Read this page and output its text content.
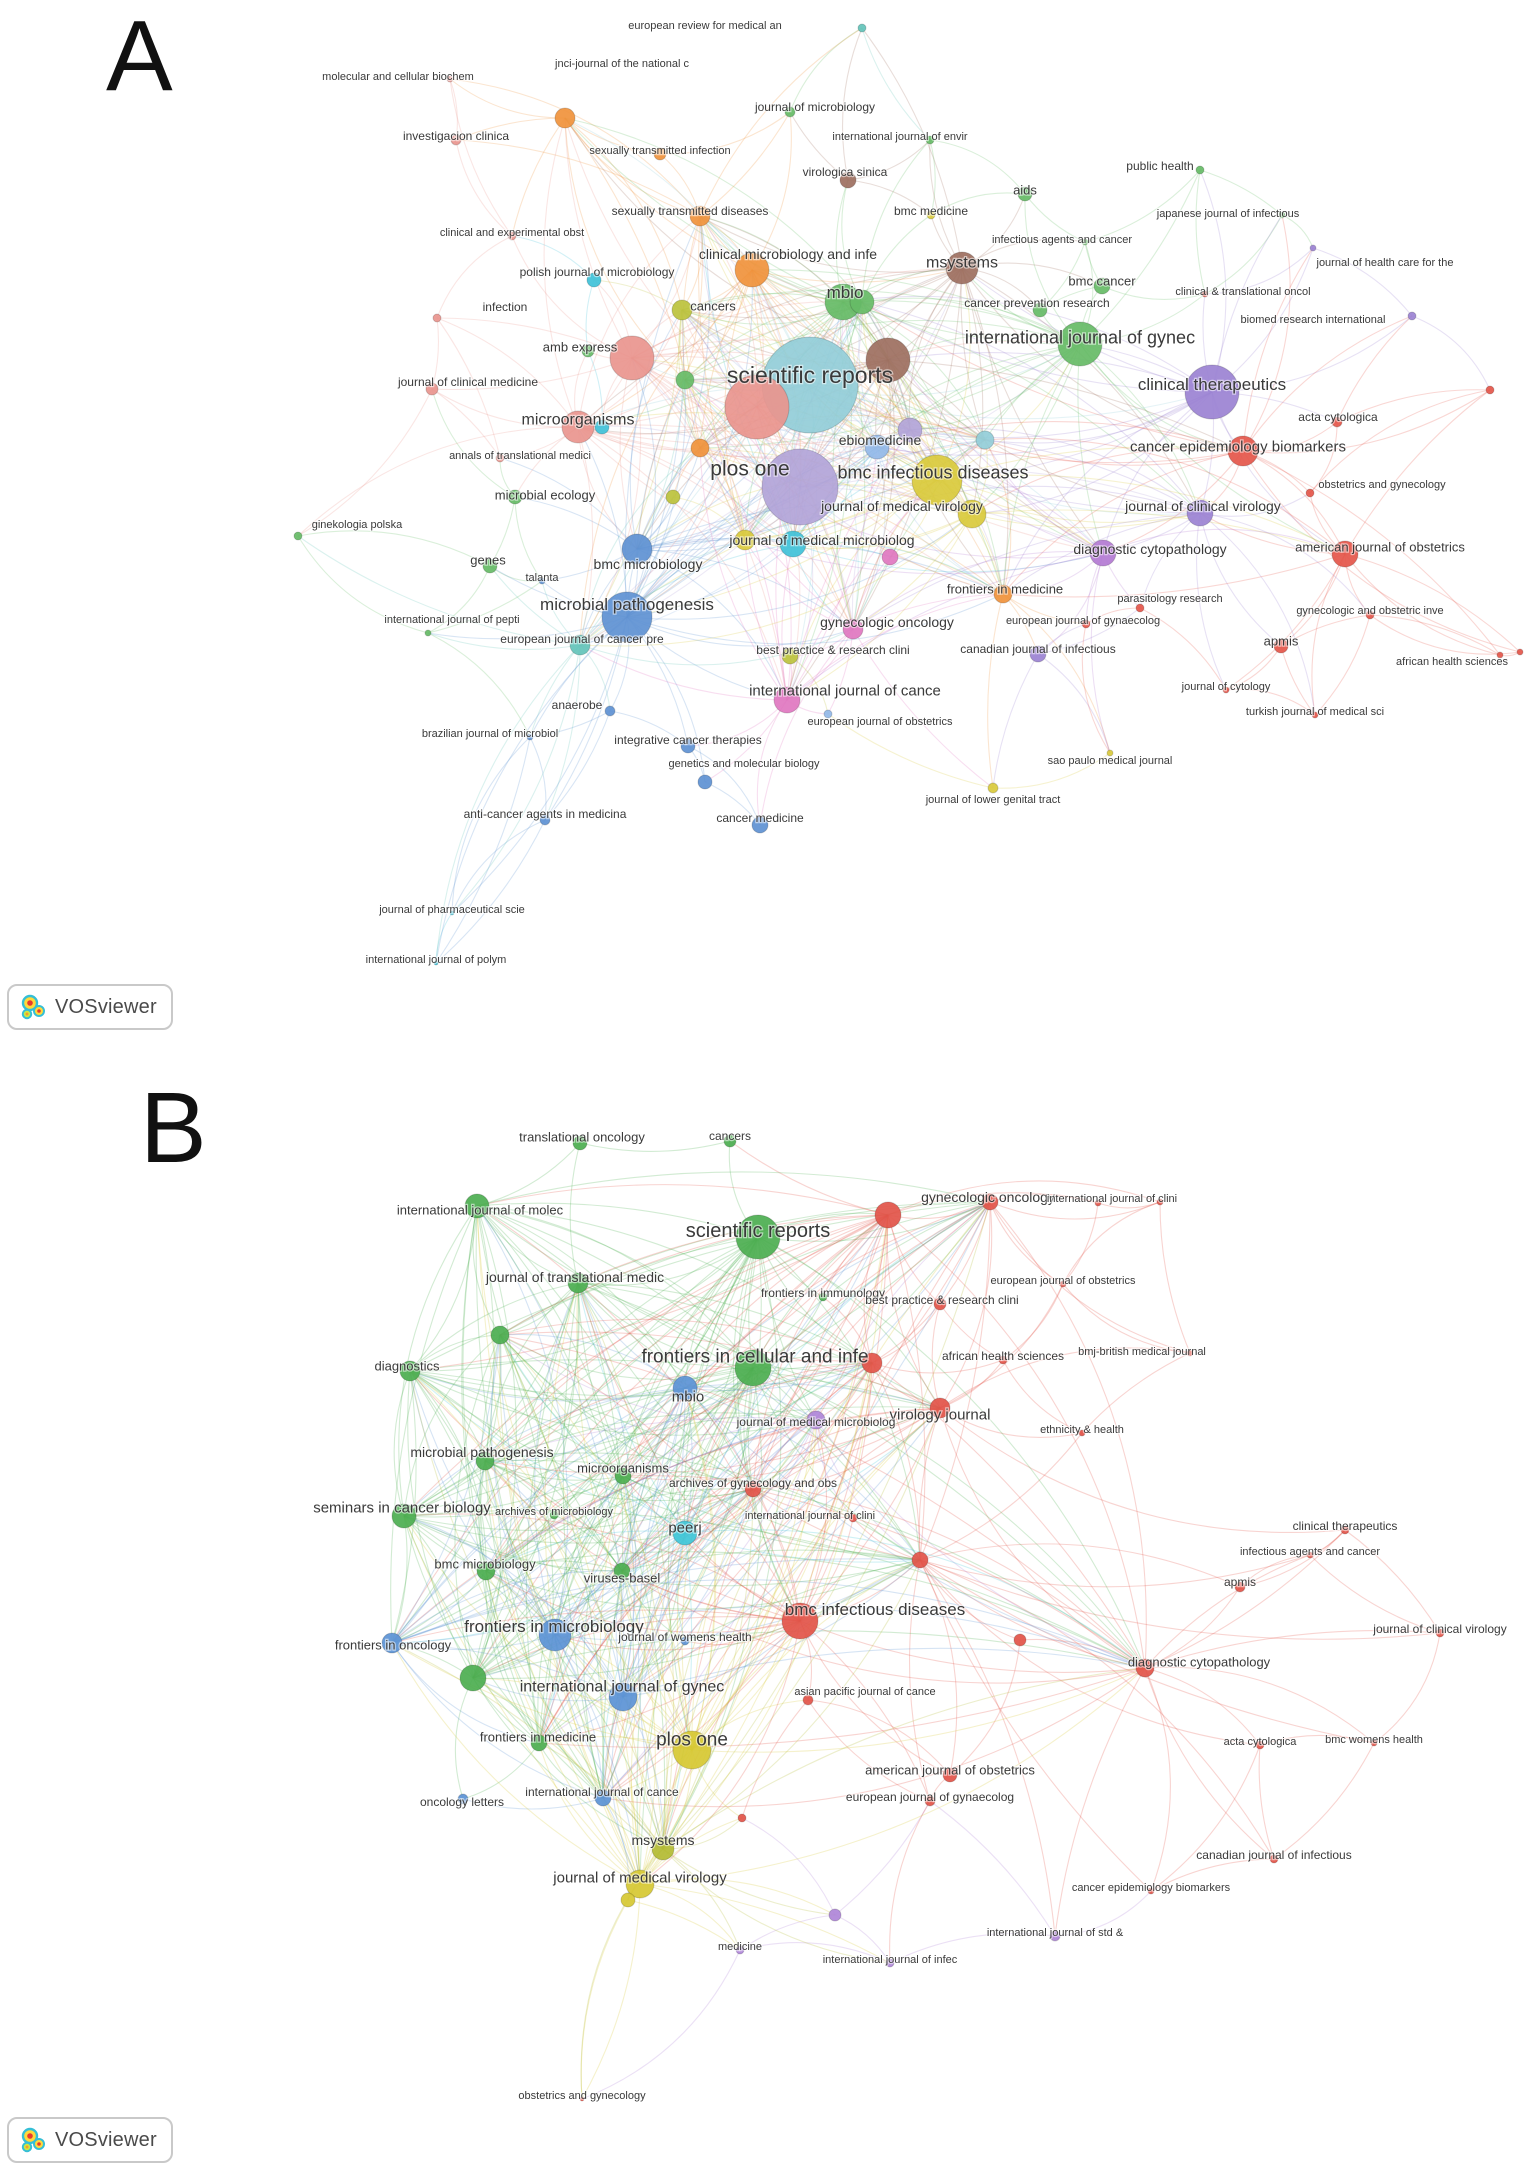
european review for medical an
jnci-journal of the national c
molecular and cellular biochem
journal of microbiology
investigacion clinica
sexually transmitted infection
international journal of envir
virologica sinica
aids
public health
bmc medicine	japanese journal of infectious
sexually transmitted diseases
infectious agents and cancer
clinical and experimental obst
clinical microbiology and infe
msystems
bmc cancer
journal of health care for the
polish journal of microbiology
mbio	clinical & translational oncol
cancers	cancer prevention research
biomed research international
infection
international journal of gynec
amb express
scientific reports	clinical therapeutics
journal of clinical medicine
acta cytologica
microorganisms
cancer epidemiology biomarkers
ebiomedicine
annals of translational medici
plos one	bmc infectious diseases
obstetrics and gynecology
microbial ecology
journal of medical virology	journal of clinical virology
ginekologia polska
journal of medical microbiolog
diagnostic cytopathology	american journal of obstetrics
genes	bmc microbiology
talanta
microbial pathogenesis
frontiers in medicine
parasitology research
international journal of pepti
gynecologic and obstetric inve
european journal of cancer pre
gynecologic oncology	european journal of gynaecolog
apmis
african health sciences
best practice & research clini	canadian journal of infectious
journal of cytology
international journal of cance
turkish journal of medical sci
anaerobe
european journal of obstetrics
brazilian journal of microbiol	integrative cancer therapies
sao paulo medical journal
genetics and molecular biology
journal of lower genital tract
anti-cancer agents in medicina	cancer medicine
journal of pharmaceutical scie
international journal of polym
translational oncology	cancers
international journal of molec
scientific reports
gynecologic oncology
international journal of clini
journal of translational medic
frontiers in immunology
best practice & research clini
european journal of obstetrics
bmj-british medical journal
diagnostics	frontiers in cellular and infe	african health sciences
virology journal
ethnicity & health
mbio
journal of medical microbiolog
microbial pathogenesis
microorganisms
archives of gynecology and obs
international journal of clini
seminars in cancer biology archives of microbiology
peerj	clinical therapeutics
infectious agents and cancer
apmis
bmc microbiology
viruses-basel
journal of clinical virology
bmc infectious diseases
frontiers in microbiology
journal of womens health
frontiers in oncology
diagnostic cytopathology
international journal of gynec	asian pacific journal of cance
acta cytologica	bmc womens health
frontiers in medicine	plos one
american journal of obstetrics
oncology letters
international journal of cance	european journal of gynaecolog
msystems
canadian journal of infectious
journal of medical virology
cancer epidemiology biomarkers
international journal of std &
medicine
international journal of infec
obstetrics and gynecology
A
B
VOSviewer
VOSviewer
